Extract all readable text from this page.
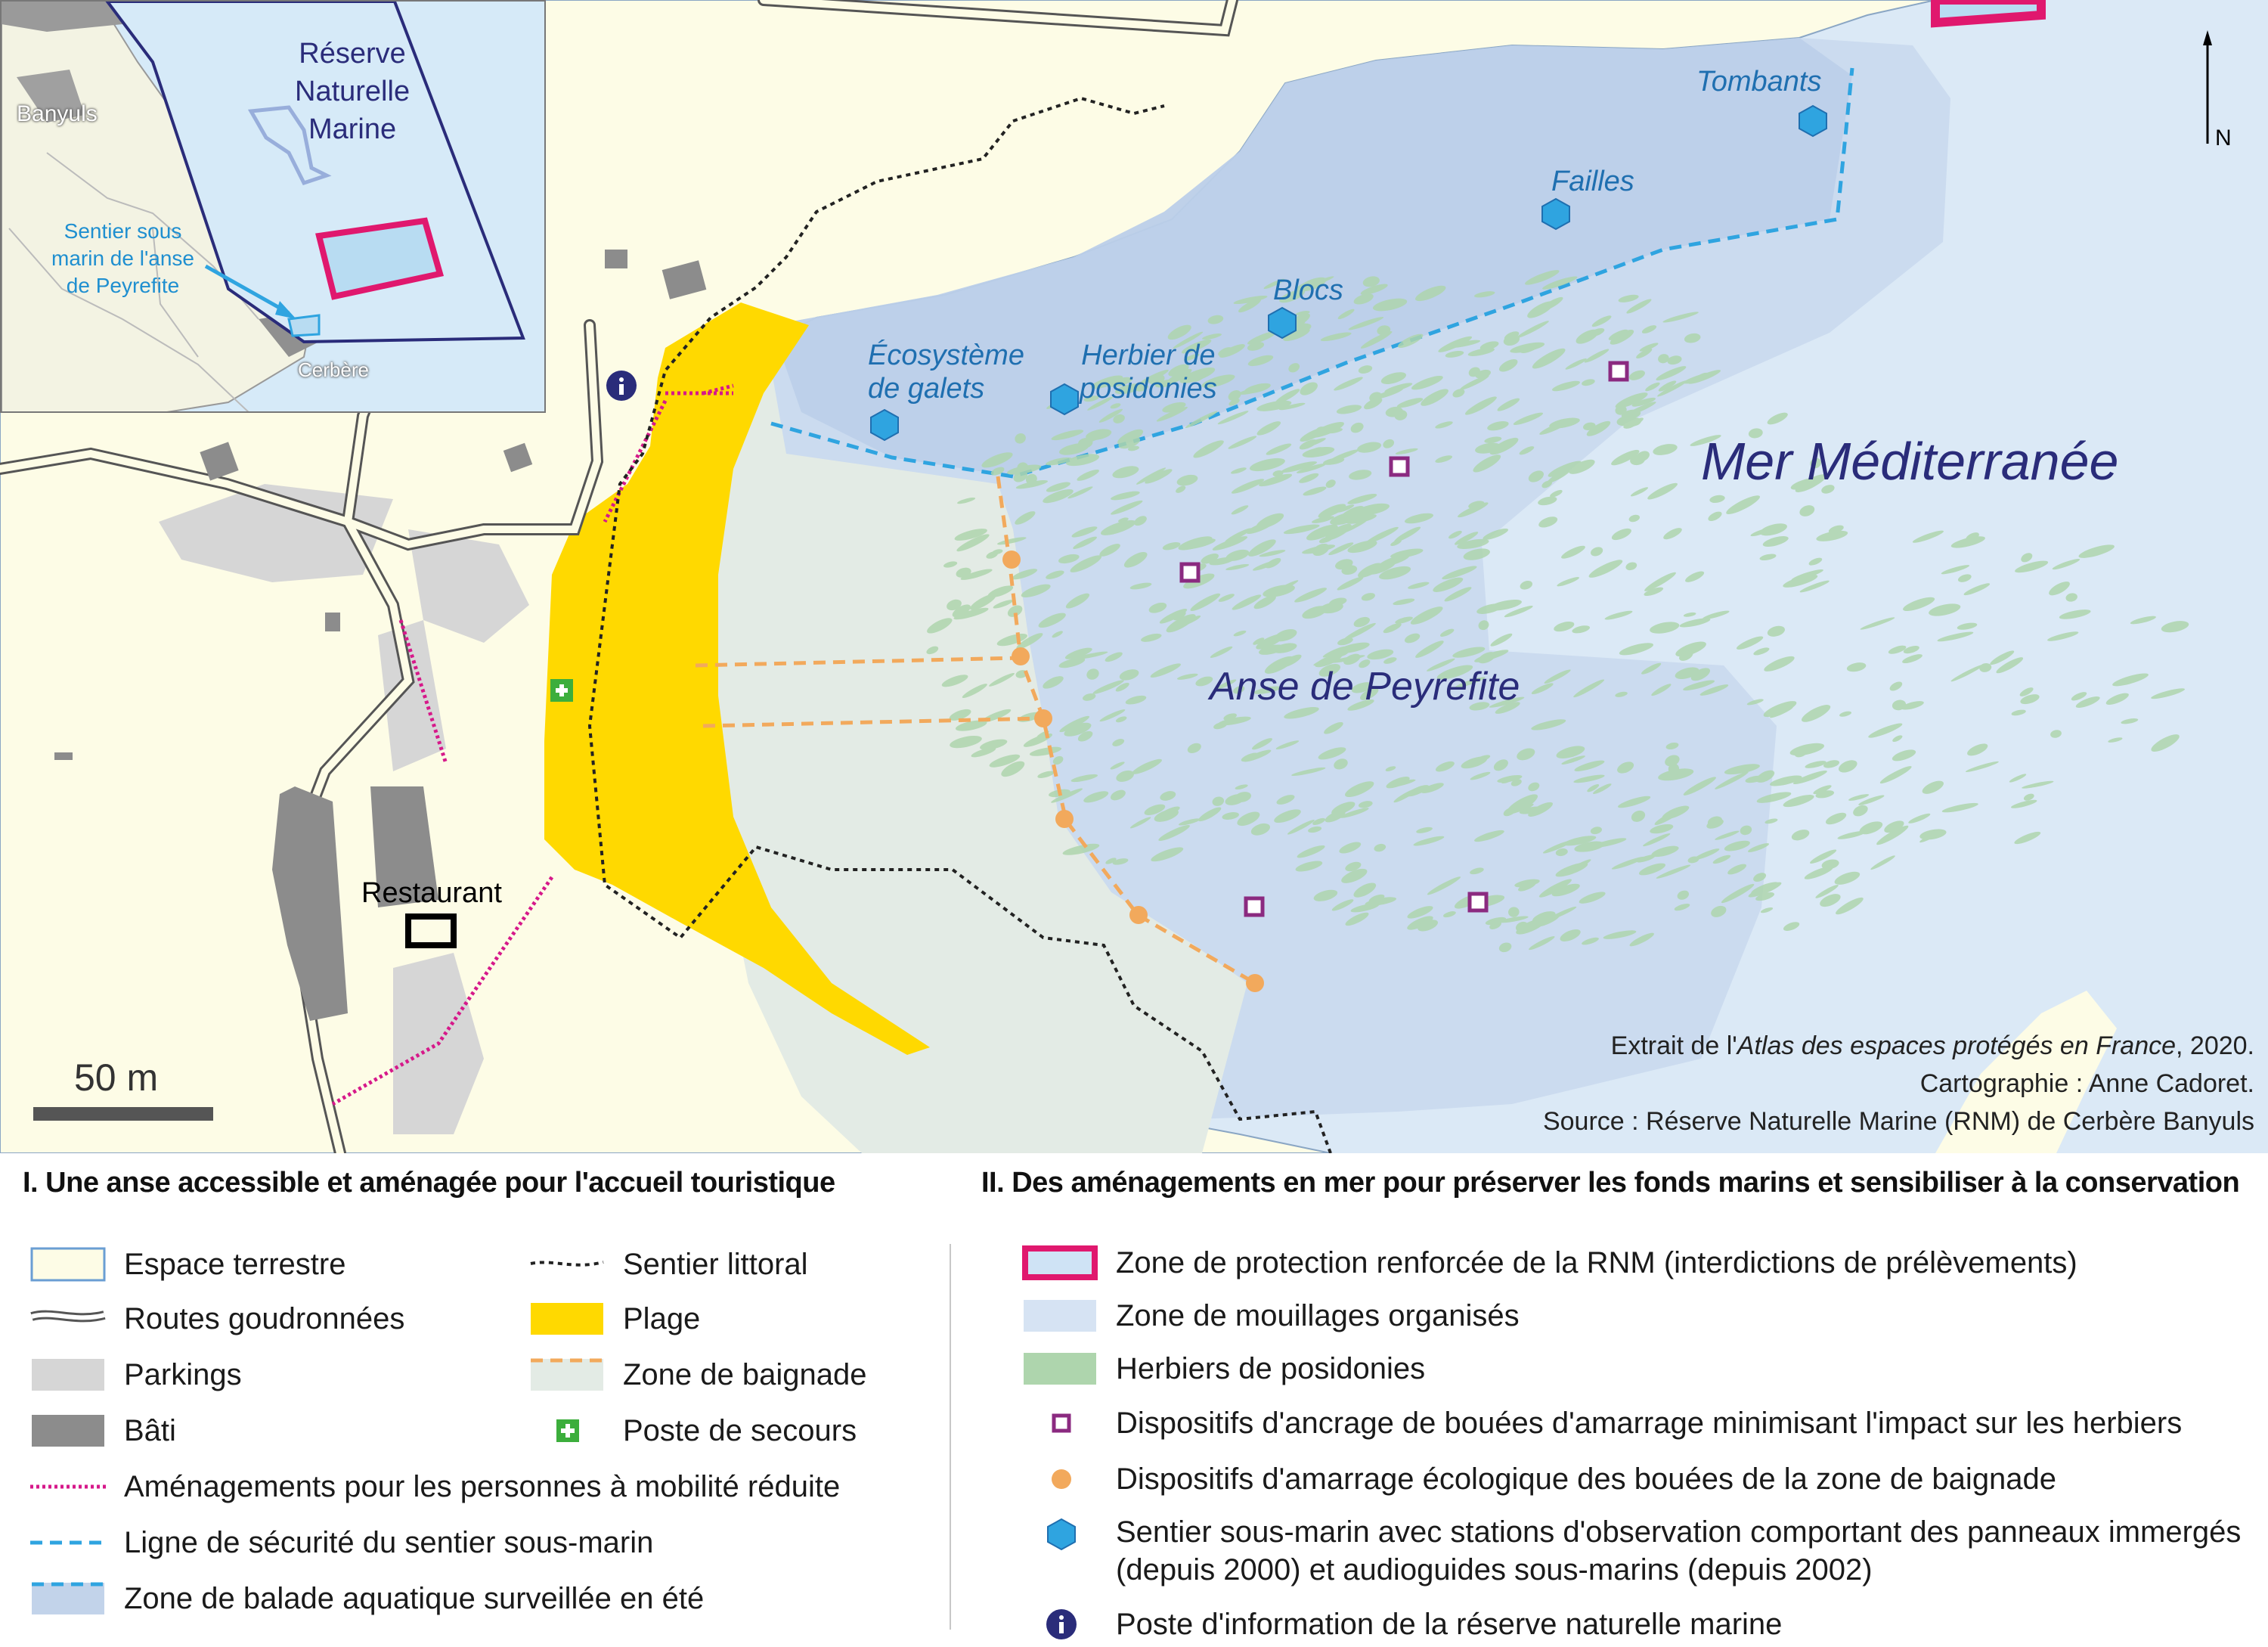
Mer Méditerranée
Anse de Peyrefite
Restaurant
N
50 m
Tombants
Failles
Blocs
Herbier de
posidonies
Écosystème
de galets
Extrait de l'Atlas des espaces protégés en France, 2020.
Cartographie : Anne Cadoret.
Source : Réserve Naturelle Marine (RNM) de Cerbère Banyuls
Réserve
Naturelle
Marine
Banyuls
Cerbère
Sentier sous
marin de l'anse
de Peyrefite
I. Une anse accessible et aménagée pour l'accueil touristique	II. Des aménagements en mer pour préserver les fonds marins et sensibiliser à la conservation
Espace terrestre
Routes goudronnées
Parkings
Bâti
Aménagements pour les personnes à mobilité réduite
Ligne de sécurité du sentier sous-marin
Zone de balade aquatique surveillée en été
Sentier littoral
Plage
Zone de baignade
Poste de secours
Zone de protection renforcée de la RNM (interdictions de prélèvements)
Zone de mouillages organisés
Herbiers de posidonies
Dispositifs d'ancrage de bouées d'amarrage minimisant l'impact sur les herbiers
Dispositifs d'amarrage écologique des bouées de la zone de baignade
Sentier sous-marin avec stations d'observation comportant des panneaux immergés
(depuis 2000) et audioguides sous-marins (depuis 2002)
Poste d'information de la réserve naturelle marine
